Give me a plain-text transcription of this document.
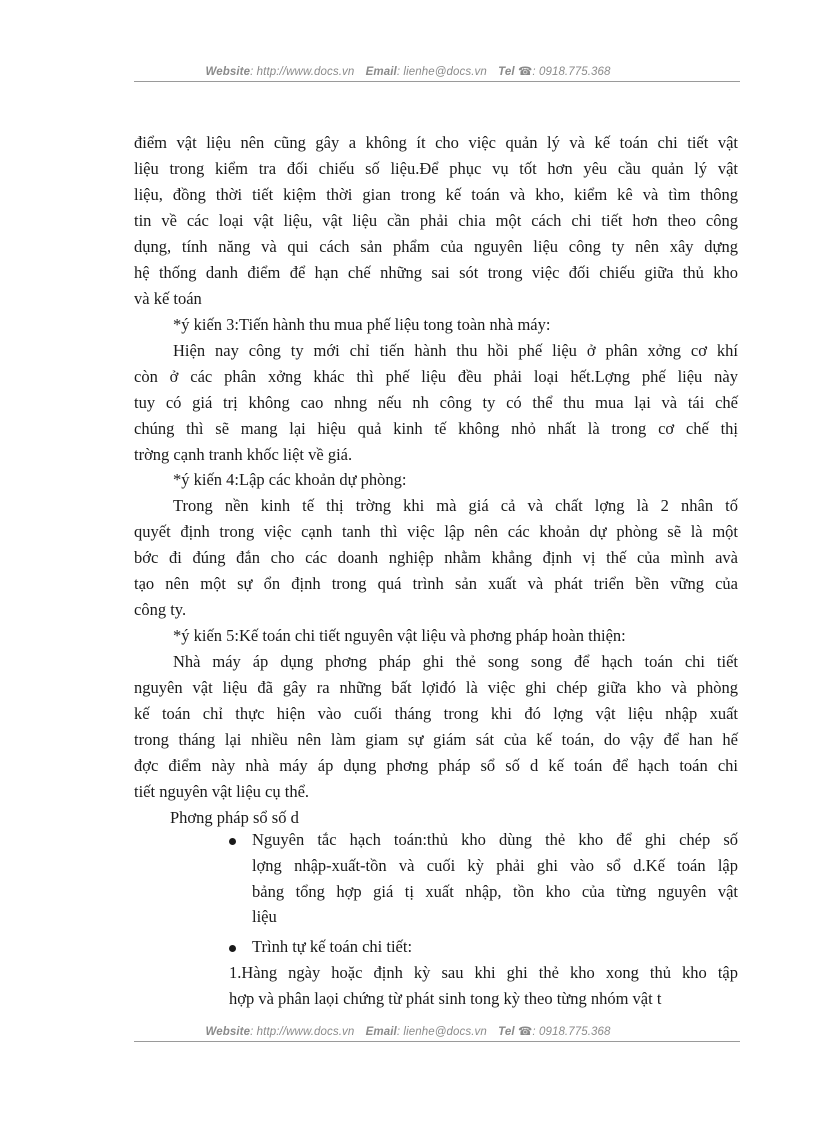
Website: http://www.docs.vn Email: lienhe@docs.vn Tel ☎: 0918.775.368
điểm vật liệu nên cũng gây a không ít cho việc quản lý và kế toán chi tiết vật
liệu trong kiểm tra đối chiếu số liệu.Để phục vụ tốt hơn yêu cầu quản lý vật
liệu, đồng thời tiết kiệm thời gian trong kế toán và kho, kiểm kê và tìm thông
tin về các loại vật liệu, vật liệu cần phải chia một cách chi tiết hơn theo công
dụng, tính năng và qui cách sản phẩm của nguyên liệu công ty nên xây dựng
hệ thống danh điểm để hạn chế những sai sót trong việc đối chiếu giữa thủ kho
và kế toán
*ý kiến 3:Tiến hành thu mua phế liệu tong toàn nhà máy:
Hiện nay công ty mới chỉ tiến hành thu hồi phế liệu ở phân xởng cơ khí
còn ở các phân xởng khác thì phế liệu đều phải loại hết.Lợng phế liệu này
tuy có giá trị không cao nhng nếu nh công ty có thể thu mua lại và tái chế
chúng thì sẽ mang lại hiệu quả kinh tế không nhỏ nhất là trong cơ chế thị
trờng cạnh tranh khốc liệt về giá.
*ý kiến 4:Lập các khoản dự phòng:
Trong nền kinh tế thị trờng khi mà giá cả và chất lợng là 2 nhân tố
quyết định trong việc cạnh tanh thì việc lập nên các khoản dự phòng sẽ là một
bớc đi đúng đắn cho các doanh nghiệp nhằm khẳng định vị thế của mình avà
tạo nên một sự ổn định trong quá trình sản xuất và phát triển bền vững của
công ty.
*ý kiến 5:Kế toán chi tiết nguyên vật liệu và phơng pháp hoàn thiện:
Nhà máy áp dụng phơng pháp ghi thẻ song song để hạch toán chi tiết
nguyên vật liệu đã gây ra những bất lợiđó là việc ghi chép giữa kho và phòng
kế toán chỉ thực hiện vào cuối tháng trong khi đó lợng vật liệu nhập xuất
trong tháng lại nhiều nên làm giam sự giám sát của kế toán, do vậy để han hế
đợc điểm này nhà máy áp dụng phơng pháp sổ số d kế toán để hạch toán chi
tiết nguyên vật liệu cụ thể.
Phơng pháp sổ số d
Nguyên tắc hạch toán:thủ kho dùng thẻ kho để ghi chép số
lợng nhập-xuất-tồn và cuối kỳ phải ghi vào sổ d.Kế toán lập
bảng tổng hợp giá tị xuất nhập, tồn kho của từng nguyên vật
liệu
Trình tự kế toán chi tiết:
1.Hàng ngày hoặc định kỳ sau khi ghi thẻ kho xong thủ kho tập
hợp và phân laọi chứng từ phát sinh tong kỳ theo từng nhóm vật t
Website: http://www.docs.vn Email: lienhe@docs.vn Tel ☎: 0918.775.368
